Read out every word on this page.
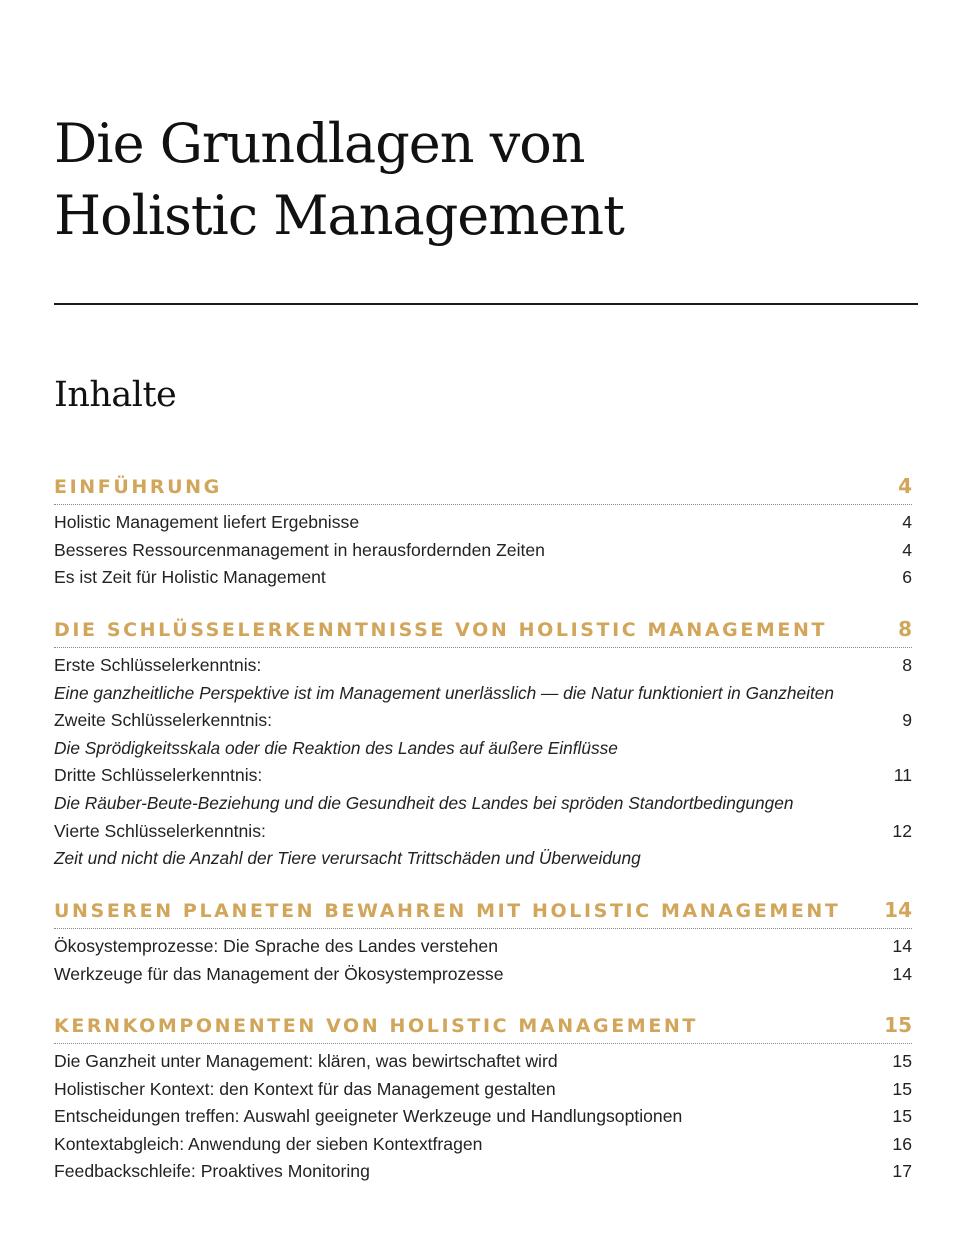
Die Grundlagen von
Holistic Management
Inhalte
EINFÜHRUNG	4
Holistic Management liefert Ergebnisse	4
Besseres Ressourcenmanagement in herausfordernden Zeiten	4
Es ist Zeit für Holistic Management	6
DIE SCHLÜSSELERKENNTNISSE VON HOLISTIC MANAGEMENT	8
Erste Schlüsselerkenntnis:	8
Eine ganzheitliche Perspektive ist im Management unerlässlich — die Natur funktioniert in Ganzheiten
Zweite Schlüsselerkenntnis:	9
Die Sprödigkeitsskala oder die Reaktion des Landes auf äußere Einflüsse
Dritte Schlüsselerkenntnis:	11
Die Räuber-Beute-Beziehung und die Gesundheit des Landes bei spröden Standortbedingungen
Vierte Schlüsselerkenntnis:	12
Zeit und nicht die Anzahl der Tiere verursacht Trittschäden und Überweidung
UNSEREN PLANETEN BEWAHREN MIT HOLISTIC MANAGEMENT 14
Ökosystemprozesse: Die Sprache des Landes verstehen	14
Werkzeuge für das Management der Ökosystemprozesse	14
KERNKOMPONENTEN VON HOLISTIC MANAGEMENT	15
Die Ganzheit unter Management: klären, was bewirtschaftet wird	15
Holistischer Kontext: den Kontext für das Management gestalten	15
Entscheidungen treffen: Auswahl geeigneter Werkzeuge und Handlungsoptionen	15
Kontextabgleich: Anwendung der sieben Kontextfragen	16
Feedbackschleife: Proaktives Monitoring	17
